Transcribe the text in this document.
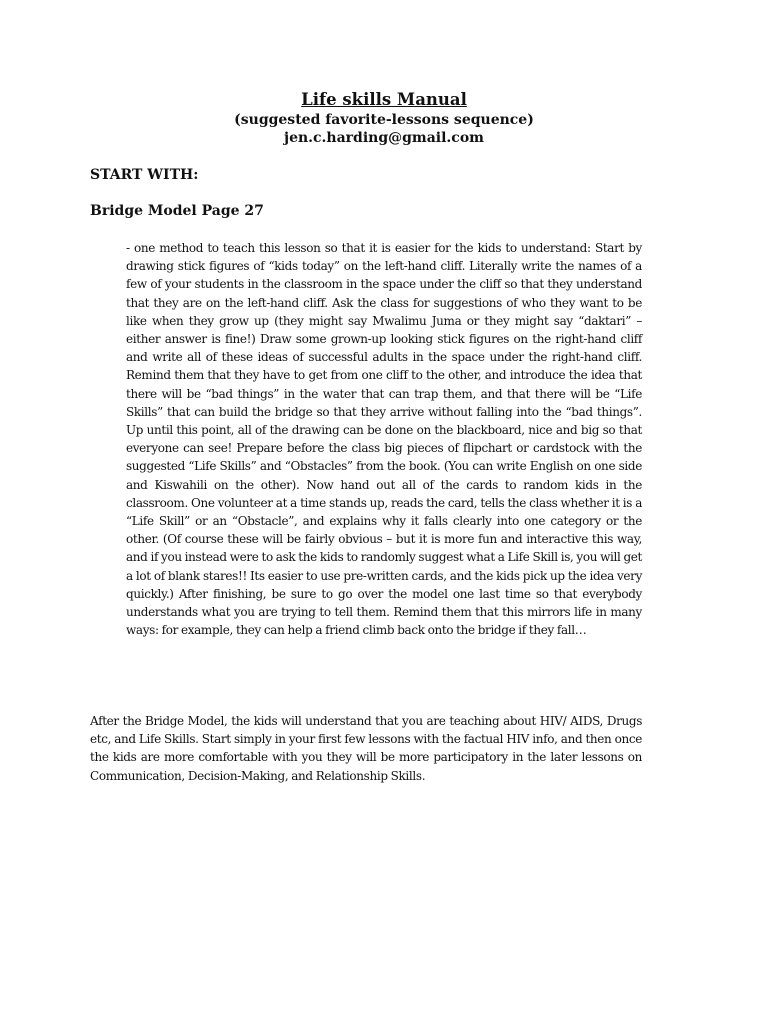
Life skills Manual

(suggested favorite-lessons sequence)

jen.c.harding@gmail.com

START WITH:

Bridge Model Page 27

- one method to teach this lesson so that it is easier for the kids to understand: Start by drawing stick figures of “kids today” on the left-hand cliff. Literally write the names of a few of your students in the classroom in the space under the cliff so that they understand that they are on the left-hand cliff. Ask the class for suggestions of who they want to be like when they grow up (they might say Mwalimu Juma or they might say “daktari” – either answer is fine!) Draw some grown-up looking stick figures on the right-hand cliff and write all of these ideas of successful adults in the space under the right-hand cliff. Remind them that they have to get from one cliff to the other, and introduce the idea that there will be “bad things” in the water that can trap them, and that there will be “Life Skills” that can build the bridge so that they arrive without falling into the “bad things”. Up until this point, all of the drawing can be done on the blackboard, nice and big so that everyone can see! Prepare before the class big pieces of flipchart or cardstock with the suggested “Life Skills” and “Obstacles” from the book. (You can write English on one side and Kiswahili on the other). Now hand out all of the cards to random kids in the classroom. One volunteer at a time stands up, reads the card, tells the class whether it is a “Life Skill” or an “Obstacle”, and explains why it falls clearly into one category or the other. (Of course these will be fairly obvious – but it is more fun and interactive this way, and if you instead were to ask the kids to randomly suggest what a Life Skill is, you will get a lot of blank stares!! Its easier to use pre-written cards, and the kids pick up the idea very quickly.) After finishing, be sure to go over the model one last time so that everybody understands what you are trying to tell them. Remind them that this mirrors life in many ways: for example, they can help a friend climb back onto the bridge if they fall…

After the Bridge Model, the kids will understand that you are teaching about HIV/ AIDS, Drugs etc, and Life Skills. Start simply in your first few lessons with the factual HIV info, and then once the kids are more comfortable with you they will be more participatory in the later lessons on Communication, Decision-Making, and Relationship Skills.
